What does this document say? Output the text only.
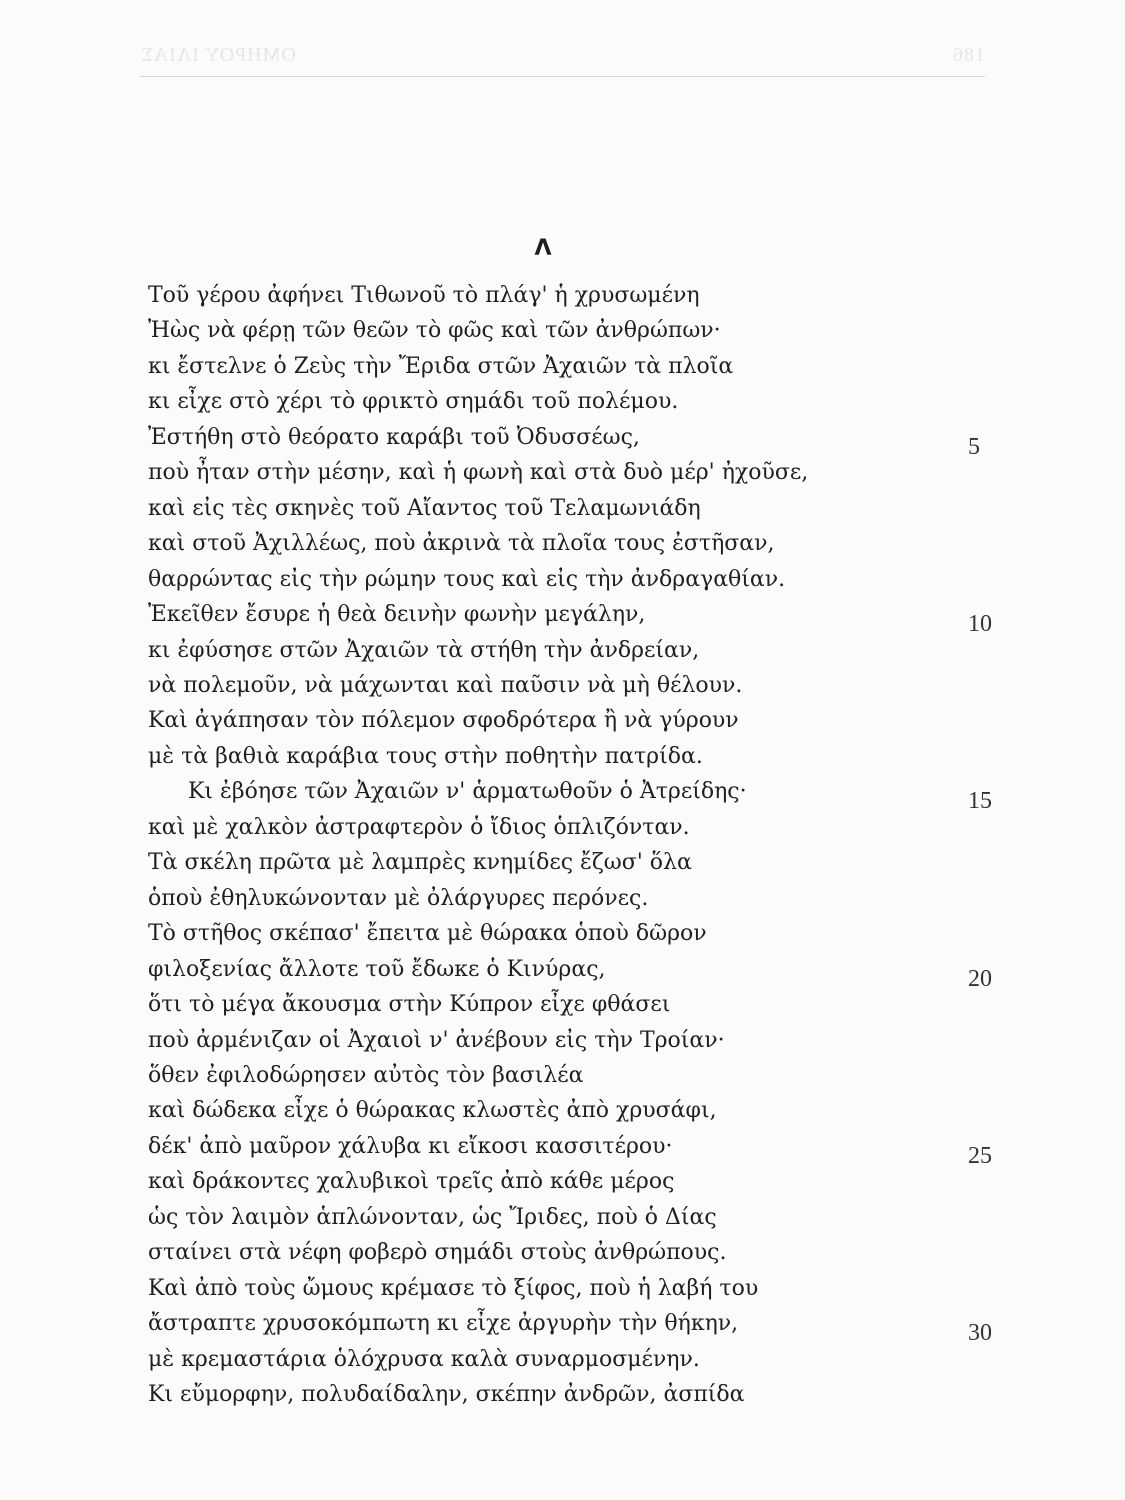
ΟΜΗΡΟΥ ΙΛΙΑΣ	186
Λ
Τοῦ γέρου ἀφήνει Τιθωνοῦ τὸ πλάγ' ἡ χρυσωμένη
Ἠὼς νὰ φέρῃ τῶν θεῶν τὸ φῶς καὶ τῶν ἀνθρώπων·
κι ἔστελνε ὁ Ζεὺς τὴν Ἔριδα στῶν Ἀχαιῶν τὰ πλοῖα
κι εἶχε στὸ χέρι τὸ φρικτὸ σημάδι τοῦ πολέμου.
Ἐστήθη στὸ θεόρατο καράβι τοῦ Ὀδυσσέως,	5
ποὺ ἦταν στὴν μέσην, καὶ ἡ φωνὴ καὶ στὰ δυὸ μέρ' ἠχοῦσε,
καὶ εἰς τὲς σκηνὲς τοῦ Αἴαντος τοῦ Τελαμωνιάδη
καὶ στοῦ Ἀχιλλέως, ποὺ ἀκρινὰ τὰ πλοῖα τους ἐστῆσαν,
θαρρώντας εἰς τὴν ρώμην τους καὶ εἰς τὴν ἀνδραγαθίαν.
Ἐκεῖθεν ἔσυρε ἡ θεὰ δεινὴν φωνὴν μεγάλην,	10
κι ἐφύσησε στῶν Ἀχαιῶν τὰ στήθη τὴν ἀνδρείαν,
νὰ πολεμοῦν, νὰ μάχωνται καὶ παῦσιν νὰ μὴ θέλουν.
Καὶ ἀγάπησαν τὸν πόλεμον σφοδρότερα ἢ νὰ γύρουν
μὲ τὰ βαθιὰ καράβια τους στὴν ποθητὴν πατρίδα.
Κι ἐβόησε τῶν Ἀχαιῶν ν' ἁρματωθοῦν ὁ Ἀτρείδης·	15
καὶ μὲ χαλκὸν ἀστραφτερὸν ὁ ἴδιος ὁπλιζόνταν.
Τὰ σκέλη πρῶτα μὲ λαμπρὲς κνημίδες ἔζωσ' ὅλα
ὁποὺ ἐθηλυκώνονταν μὲ ὀλάργυρες περόνες.
Τὸ στῆθος σκέπασ' ἔπειτα μὲ θώρακα ὁποὺ δῶρον
φιλοξενίας ἄλλοτε τοῦ ἔδωκε ὁ Κινύρας,	20
ὅτι τὸ μέγα ἄκουσμα στὴν Κύπρον εἶχε φθάσει
ποὺ ἀρμένιζαν οἱ Ἀχαιοὶ ν' ἀνέβουν εἰς τὴν Τροίαν·
ὅθεν ἐφιλοδώρησεν αὐτὸς τὸν βασιλέα
καὶ δώδεκα εἶχε ὁ θώρακας κλωστὲς ἀπὸ χρυσάφι,
δέκ' ἀπὸ μαῦρον χάλυβα κι εἴκοσι κασσιτέρου·	25
καὶ δράκοντες χαλυβικοὶ τρεῖς ἀπὸ κάθε μέρος
ὡς τὸν λαιμὸν ἁπλώνονταν, ὡς Ἴριδες, ποὺ ὁ Δίας
σταίνει στὰ νέφη φοβερὸ σημάδι στοὺς ἀνθρώπους.
Καὶ ἀπὸ τοὺς ὤμους κρέμασε τὸ ξίφος, ποὺ ἡ λαβή του
ἄστραπτε χρυσοκόμπωτη κι εἶχε ἀργυρὴν τὴν θήκην,	30
μὲ κρεμαστάρια ὁλόχρυσα καλὰ συναρμοσμένην.
Κι εὔμορφην, πολυδαίδαλην, σκέπην ἀνδρῶν, ἀσπίδα
